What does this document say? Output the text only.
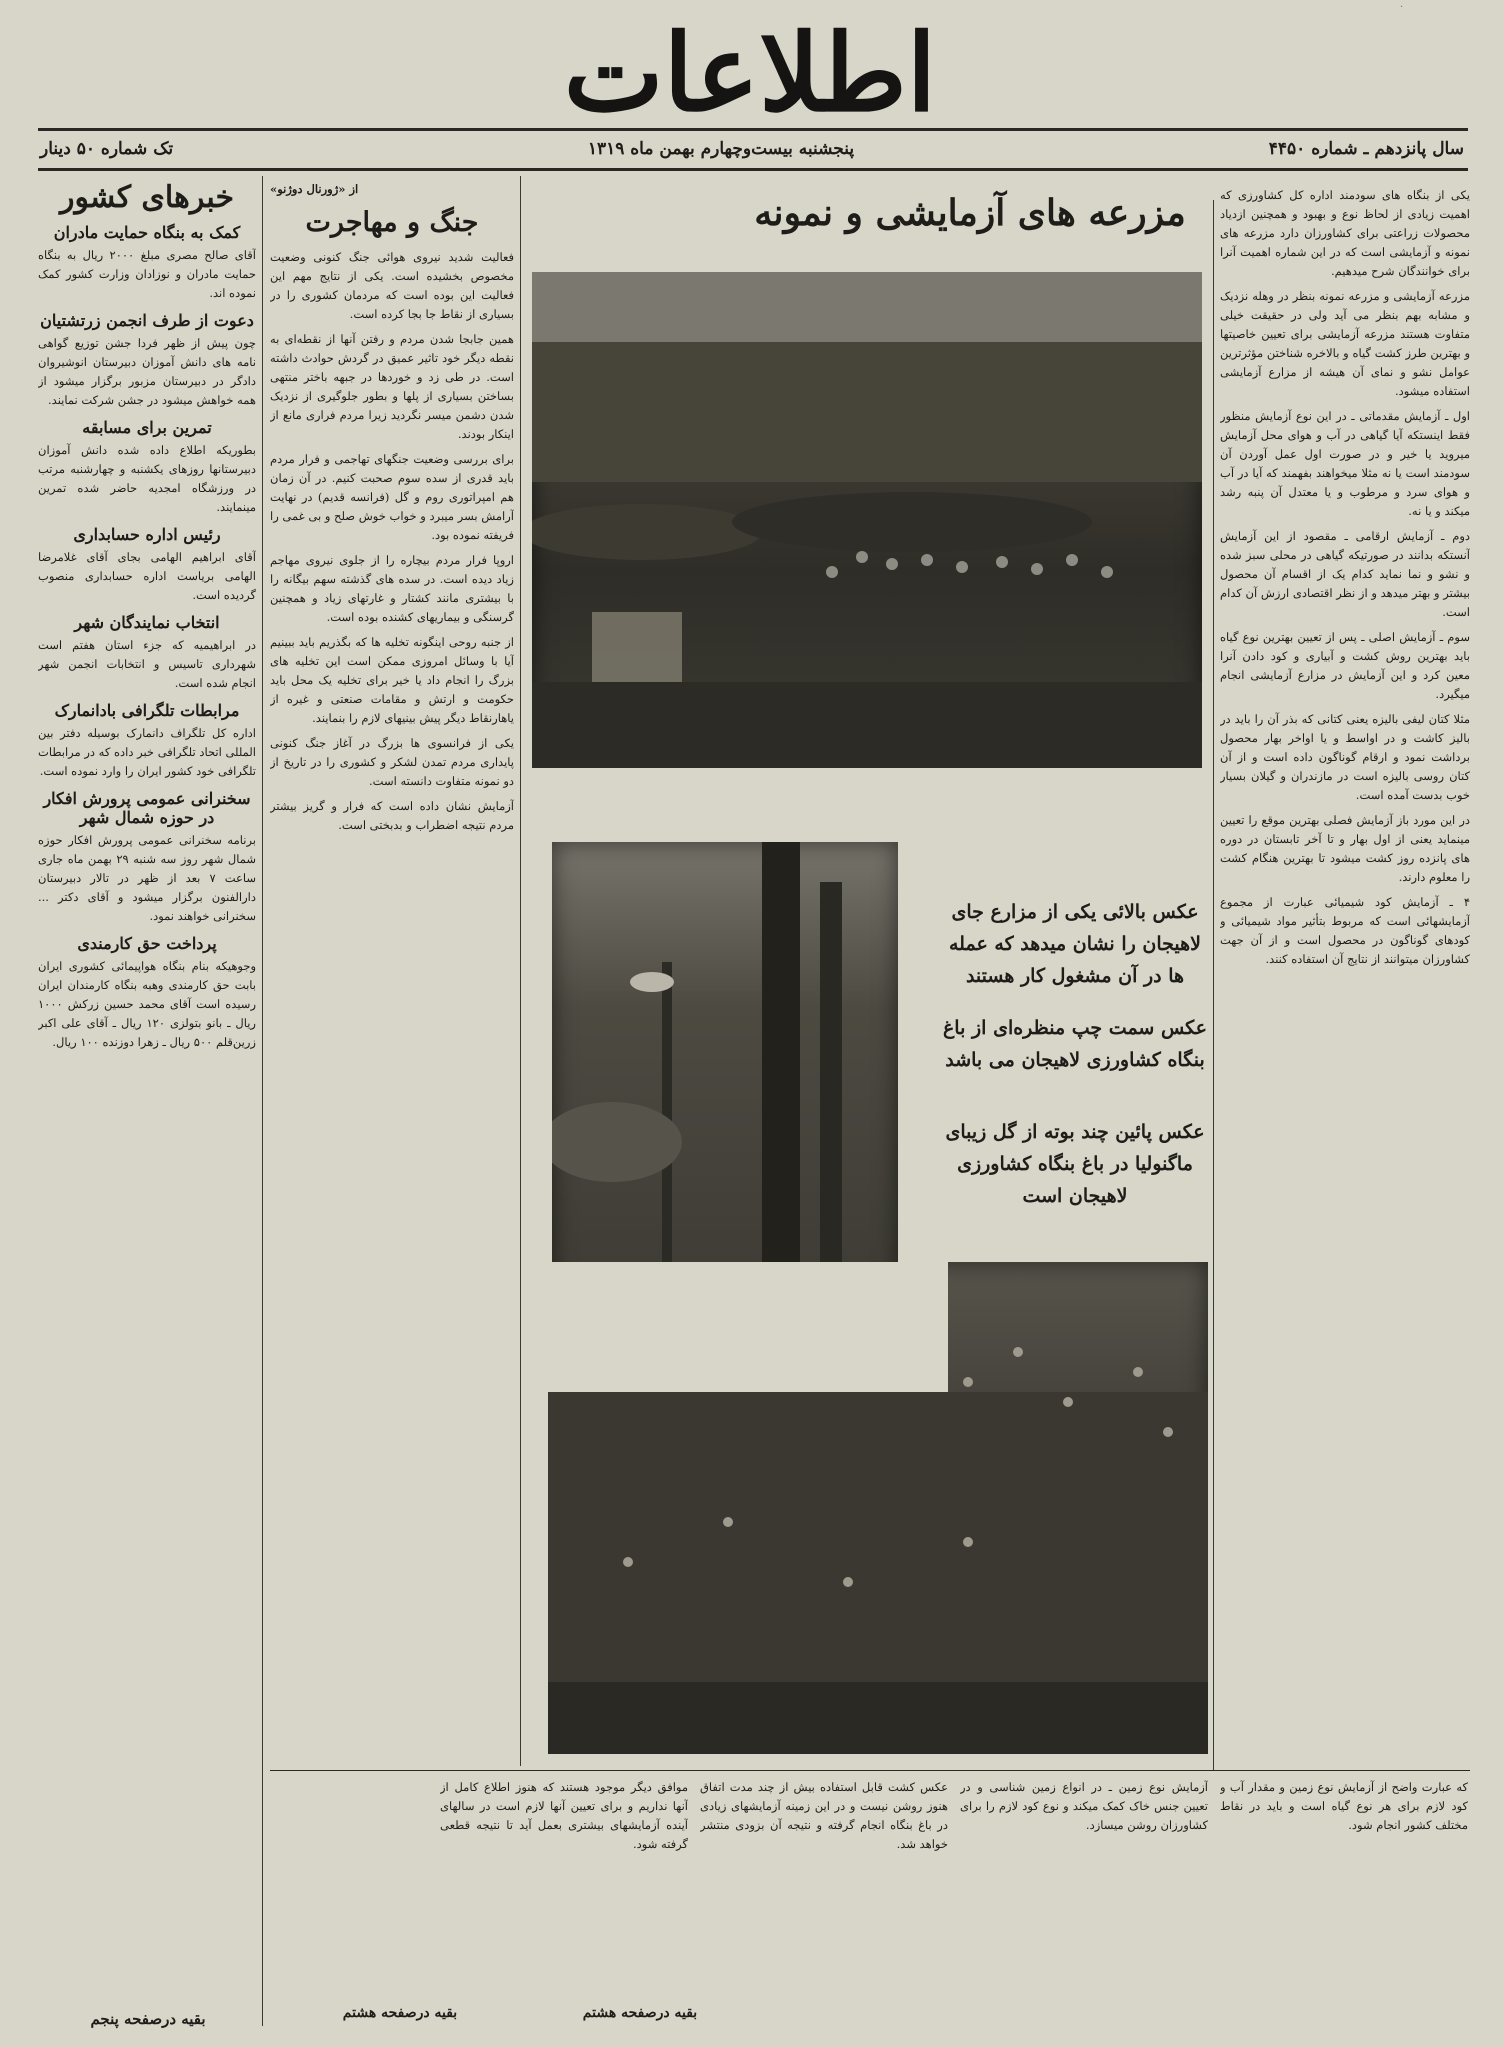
·
اطلاعات
تک شماره ۵۰ دینار	پنجشنبه بیست‌وچهارم بهمن ماه ۱۳۱۹	سال پانزدهم ـ شماره ۴۴۵۰

یکی از بنگاه های سودمند اداره کل کشاورزی که اهمیت زیادی از لحاظ نوع و بهبود و همچنین ازدیاد محصولات زراعتی برای کشاورزان دارد مزرعه های نمونه و آزمایشی است که در این شماره اهمیت آنرا برای خوانندگان شرح میدهیم.

مزرعه آزمایشی و مزرعه نمونه بنظر در وهله نزدیک و مشابه بهم بنظر می آید ولی در حقیقت خیلی متفاوت هستند مزرعه آزمایشی برای تعیین خاصیتها و بهترین طرز کشت گیاه و بالاخره شناختن مؤثرترین عوامل نشو و نمای آن هیشه از مزارع آزمایشی استفاده میشود.

اول ـ آزمایش مقدماتی ـ در این نوع آزمایش منظور فقط اینستکه آیا گیاهی در آب و هوای محل آزمایش میروید یا خیر و در صورت اول عمل آوردن آن سودمند است یا نه مثلا میخواهند بفهمند که آیا در آب و هوای سرد و مرطوب و یا معتدل آن پنبه رشد میکند و یا نه.

دوم ـ آزمایش ارقامی ـ مقصود از این آزمایش آنستکه بدانند در صورتیکه گیاهی در محلی سبز شده و نشو و نما نماید کدام یک از اقسام آن محصول بیشتر و بهتر میدهد و از نظر اقتصادی ارزش آن کدام است.

سوم ـ آزمایش اصلی ـ پس از تعیین بهترین نوع گیاه باید بهترین روش کشت و آبیاری و کود دادن آنرا معین کرد و این آزمایش در مزارع آزمایشی انجام میگیرد.

مثلا کتان لیفی بالیزه یعنی کتانی که بذر آن را باید در بالیز کاشت و در اواسط و یا اواخر بهار محصول برداشت نمود و ارقام گوناگون داده است و از آن کتان روسی بالیزه است در مازندران و گیلان بسیار خوب بدست آمده است.

در این مورد باز آزمایش فصلی بهترین موقع را تعیین مینماید یعنی از اول بهار و تا آخر تابستان در دوره های پانزده روز کشت میشود تا بهترین هنگام کشت را معلوم دارند.

۴ ـ آزمایش کود شیمیائی عبارت از مجموع آزمایشهائی است که مربوط بتأثیر مواد شیمیائی و کودهای گوناگون در محصول است و از آن جهت کشاورزان میتوانند از نتایج آن استفاده کنند.

مزرعه های آزمایشی و نمونه
عکس بالائی یکی از مزارع جای لاهیجان را نشان میدهد که عمله ها در آن مشغول کار هستند
عکس سمت چپ منظره‌ای از باغ بنگاه کشاورزی لاهیجان می باشد
عکس پائین چند بوته از گل زیبای ماگنولیا در باغ بنگاه کشاورزی لاهیجان است
از «ژورنال دوژنو»
جنگ و مهاجرت

فعالیت شدید نیروی هوائی جنگ کنونی وضعیت مخصوص بخشیده است. یکی از نتایج مهم این فعالیت این بوده است که مردمان کشوری را در بسیاری از نقاط جا بجا کرده است.

همین جابجا شدن مردم و رفتن آنها از نقطه‌ای به نقطه دیگر خود تاثیر عمیق در گردش حوادث داشته است. در طی زد و خوردها در جبهه باختر منتهی بساختن بسیاری از پلها و بطور جلوگیری از نزدیک شدن دشمن میسر نگردید زیرا مردم فراری مانع از اینکار بودند.

برای بررسی وضعیت جنگهای تهاجمی و فرار مردم باید قدری از سده سوم صحبت کنیم. در آن زمان هم امپراتوری روم و گل (فرانسه قدیم) در نهایت آرامش بسر میبرد و خواب خوش صلح و بی غمی را فریفته نموده بود.

اروپا فرار مردم بیچاره را از جلوی نیروی مهاجم زیاد دیده است. در سده های گذشته سهم بیگانه را با بیشتری مانند کشتار و غارتهای زیاد و همچنین گرسنگی و بیماریهای کشنده بوده است.

از جنبه روحی اینگونه تخلیه ها که بگذریم باید ببینیم آیا با وسائل امروزی ممکن است این تخلیه های بزرگ را انجام داد یا خیر برای تخلیه یک محل باید حکومت و ارتش و مقامات صنعتی و غیره از یاهارنقاط دیگر پیش بینیهای لازم را بنمایند.

یکی از فرانسوی ها بزرگ در آغاز جنگ کنونی پایداری مردم تمدن لشکر و کشوری را در تاریخ از دو نمونه متفاوت دانسته است.

آزمایش نشان داده است که فرار و گریز بیشتر مردم نتیجه اضطراب و بدبختی است.

خبرهای کشور
کمک به بنگاه حمایت مادران

آقای صالح مصری مبلغ ۲۰۰۰ ریال به بنگاه حمایت مادران و نوزادان وزارت کشور کمک نموده اند.

دعوت از طرف انجمن زرتشتیان

چون پیش از ظهر فردا جشن توزیع گواهی نامه های دانش آموزان دبیرستان انوشیروان دادگر در دبیرستان مزبور برگزار میشود از همه خواهش میشود در جشن شرکت نمایند.

تمرین برای مسابقه

بطوریکه اطلاع داده شده دانش آموزان دبیرستانها روزهای یکشنبه و چهارشنبه مرتب در ورزشگاه امجدیه حاضر شده تمرین مینمایند.

رئیس اداره حسابداری

آقای ابراهیم الهامی بجای آقای غلامرضا الهامی بریاست اداره حسابداری منصوب گردیده است.

انتخاب نمایندگان شهر

در ابراهیمیه که جزء استان هفتم است شهرداری تاسیس و انتخابات انجمن شهر انجام شده است.

مرابطات تلگرافی بادانمارک

اداره کل تلگراف دانمارک بوسیله دفتر بین المللی اتحاد تلگرافی خبر داده که در مرابطات تلگرافی خود کشور ایران را وارد نموده است.

سخنرانی عمومی پرورش افکار در حوزه شمال شهر

برنامه سخنرانی عمومی پرورش افکار حوزه شمال شهر روز سه شنبه ۲۹ بهمن ماه جاری ساعت ۷ بعد از ظهر در تالار دبیرستان دارالفنون برگزار میشود و آقای دکتر ... سخنرانی خواهند نمود.

پرداخت حق کارمندی

وجوهیکه بنام بنگاه هواپیمائی کشوری ایران بابت حق کارمندی وهبه بنگاه کارمندان ایران رسیده است آقای محمد حسین زرکش ۱۰۰۰ ریال ـ بانو بتولزی ۱۲۰ ریال ـ آقای علی اکبر زرین‌قلم ۵۰۰ ریال ـ زهرا دوزنده ۱۰۰ ریال.

بقیه درصفحه پنجم
که عبارت واضح از آزمایش نوع زمین و مقدار آب و کود لازم برای هر نوع گیاه است و باید در نقاط مختلف کشور انجام شود.
آزمایش نوع زمین ـ در انواع زمین شناسی و در تعیین جنس خاک کمک میکند و نوع کود لازم را برای کشاورزان روشن میسازد.
عکس کشت قابل استفاده بیش از چند مدت اتفاق هنوز روشن نیست و در این زمینه آزمایشهای زیادی در باغ بنگاه انجام گرفته و نتیجه آن بزودی منتشر خواهد شد.
موافق دیگر موجود هستند که هنوز اطلاع کامل از آنها نداریم و برای تعیین آنها لازم است در سالهای آینده آزمایشهای بیشتری بعمل آید تا نتیجه قطعی گرفته شود.
بقیه درصفحه هشتم
بقیه درصفحه هشتم
